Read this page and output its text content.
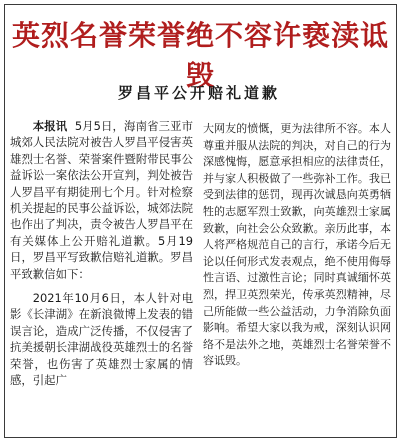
英烈名誉荣誉绝不容许亵渎诋毁
罗昌平公开赔礼道歉
本报讯 5月5日，海南省三亚市城郊人民法院对被告人罗昌平侵害英雄烈士名誉、荣誉案件暨附带民事公益诉讼一案依法公开宣判，判处被告人罗昌平有期徒刑七个月。针对检察机关提起的民事公益诉讼，城郊法院也作出了判决，责令被告人罗昌平在有关媒体上公开赔礼道歉。5月19日，罗昌平写致歉信赔礼道歉。罗昌平致歉信如下：
2021年10月6日，本人针对电影《长津湖》在新浪微博上发表的错误言论，造成广泛传播，不仅侵害了抗美援朝长津湖战役英雄烈士的名誉荣誉，也伤害了英雄烈士家属的情感，引起广
大网友的愤慨，更为法律所不容。本人尊重并服从法院的判决，对自己的行为深感愧悔，愿意承担相应的法律责任，并与家人积极做了一些弥补工作。我已受到法律的惩罚，现再次诚恳向英勇牺牲的志愿军烈士致歉，向英雄烈士家属致歉，向社会公众致歉。亲历此事，本人将严格规范自己的言行，承诺今后无论以任何形式发表观点，绝不使用侮辱性言语、过激性言论；同时真诚缅怀英烈，捍卫英烈荣光，传承英烈精神，尽己所能做一些公益活动，力争消除负面影响。希望大家以我为戒，深刻认识网络不是法外之地，英雄烈士名誉荣誉不容诋毁。
